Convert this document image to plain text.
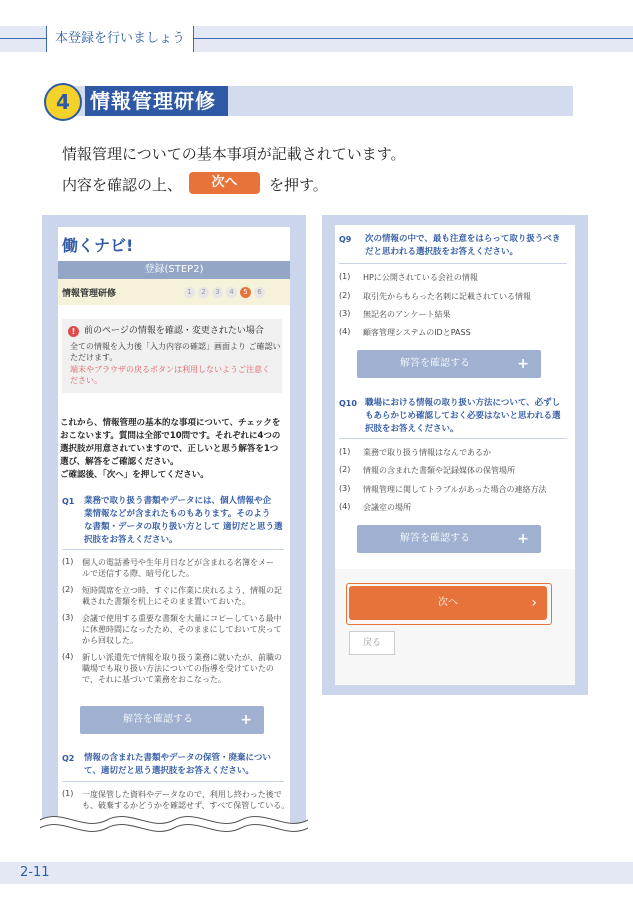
本登録を行いましょう
4	情報管理研修
情報管理についての基本事項が記載されています。
内容を確認の上、	次へ	を押す。
働くナビ!
登録(STEP2)
情報管理研修	1	2	3	4	5	6
! 前のページの情報を確認・変更されたい場合
全ての情報を入力後「入力内容の確認」画面より ご確認い
ただけます。
端末やブラウザの戻るボタンは利用しないようご注意く
ださい。
これから、情報管理の基本的な事項について、チェックを
おこないます。質問は全部で10問です。それぞれに4つの
選択肢が用意されていますので、正しいと思う解答を1つ
選び、解答をご確認ください。
ご確認後、「次へ」を押してください。
Q1 業務で取り扱う書類やデータには、個人情報や企
業情報などが含まれたものもあります。そのよう
な書類・データの取り扱い方として 適切だと思う選
択肢をお答えください。
(1) 個人の電話番号や生年月日などが含まれる名簿をメー
ルで送信する際、暗号化した。
(2) 短時間席を立つ時、すぐに作業に戻れるよう、情報の記
載された書類を机上にそのまま置いておいた。
(3) 会議で使用する重要な書類を大量にコピーしている最中
に休憩時間になったため、そのままにしておいて戻って
から回収した。
(4) 新しい派遣先で情報を取り扱う業務に就いたが、前職の
職場でも取り扱い方法についての指導を受けていたの
で、それに基づいて業務をおこなった。
解答を確認する	+
Q2 情報の含まれた書類やデータの保管・廃棄につい
て、適切だと思う選択肢をお答えください。
(1) 一度保管した資料やデータなので、利用し終わった後で
も、破棄するかどうかを確認せず、すべて保管している。
Q9 次の情報の中で、最も注意をはらって取り扱うべき
だと思われる選択肢をお答えください。
(1) HPに公開されている会社の情報
(2) 取引先からもらった名刺に記載されている情報
(3) 無記名のアンケート結果
(4) 顧客管理システムのIDとPASS
解答を確認する	+
Q10 職場における情報の取り扱い方法について、必ずし
もあらかじめ確認しておく必要はないと思われる選
択肢をお答えください。
(1) 業務で取り扱う情報はなんであるか
(2) 情報の含まれた書類や記録媒体の保管場所
(3) 情報管理に関してトラブルがあった場合の連絡方法
(4) 会議室の場所
解答を確認する	+
次へ	›
戻る
2-11
